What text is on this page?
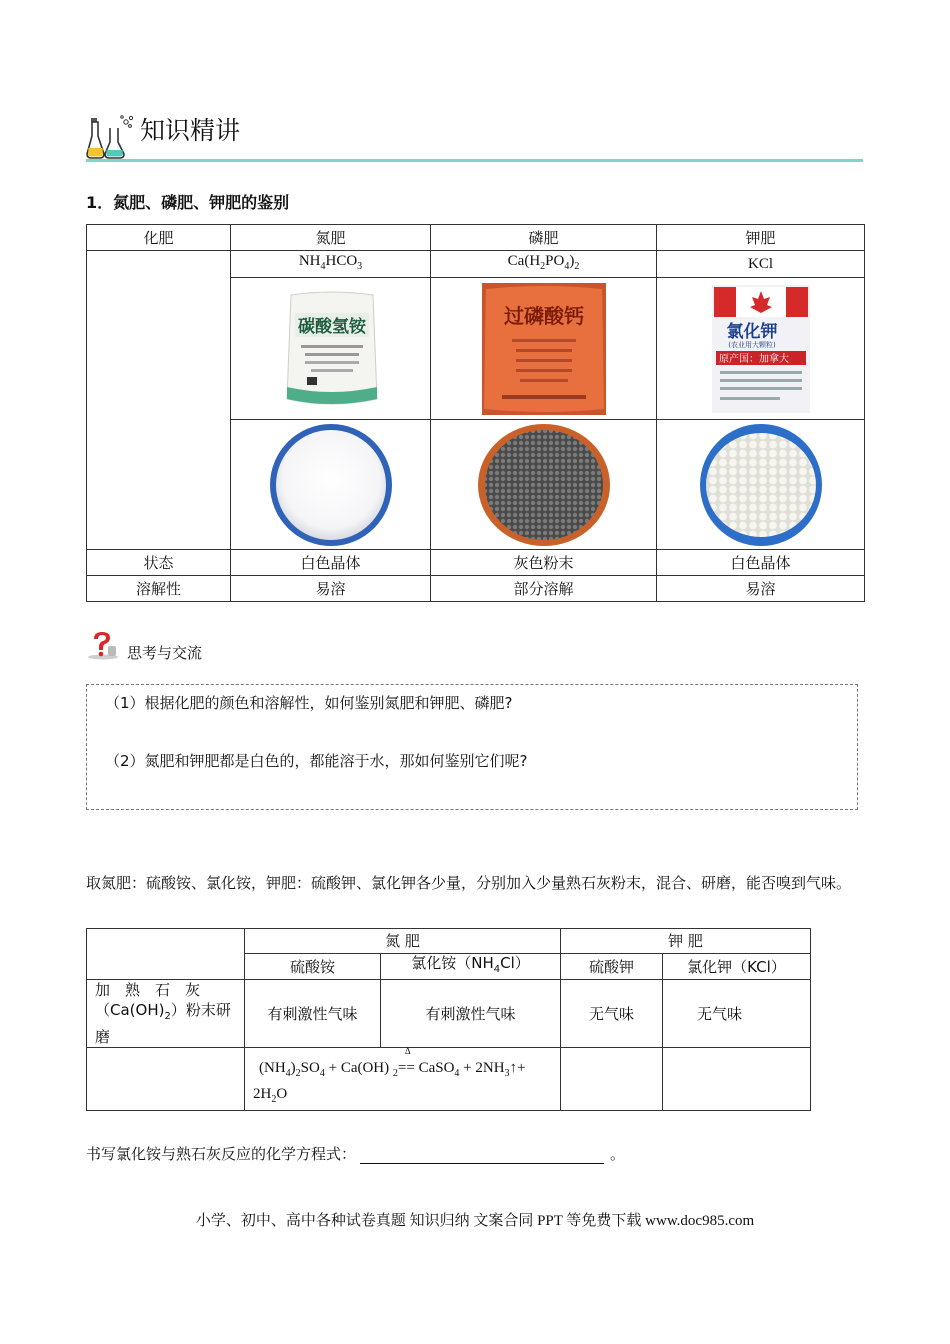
知识精讲
1．氮肥、磷肥、钾肥的鉴别
化肥	氮肥	磷肥	钾肥
	$NH_4HCO_3$	$Ca(H_2PO_4)_2$	KCl

碳酸氢铵	过磷酸钙	氯化钾
(农业用大颗粒)
原产国：加拿大

状态	白色晶体	灰色粉末	白色晶体
溶解性	易溶	部分溶解	易溶
思考与交流
（1）根据化肥的颜色和溶解性，如何鉴别氮肥和钾肥、磷肥?
（2）氮肥和钾肥都是白色的，都能溶于水，那如何鉴别它们呢?
取氮肥：硫酸铵、氯化铵，钾肥：硫酸钾、氯化钾各少量，分别加入少量熟石灰粉末，混合、研磨，能否嗅到气味。
	氮 肥		钾 肥	
	硫酸铵	氯化铵$(NH_4Cl)$	硫酸钾	氯化钾（KCl）

加　熟　石　灰
$(Ca(OH)_2)$粉末研
磨	有刺激性气味	有刺激性气味	无气味	无气味

	$(NH_4)_2SO_4 + Ca(OH)$ $_2$
Δ
== CaSO$_4$ + $2NH_3↑+$
$2H_2O$			

书写氯化铵与熟石灰反应的化学方程式：	。
小学、初中、高中各种试卷真题 知识归纳 文案合同 PPT 等免费下载 www.doc985.com
